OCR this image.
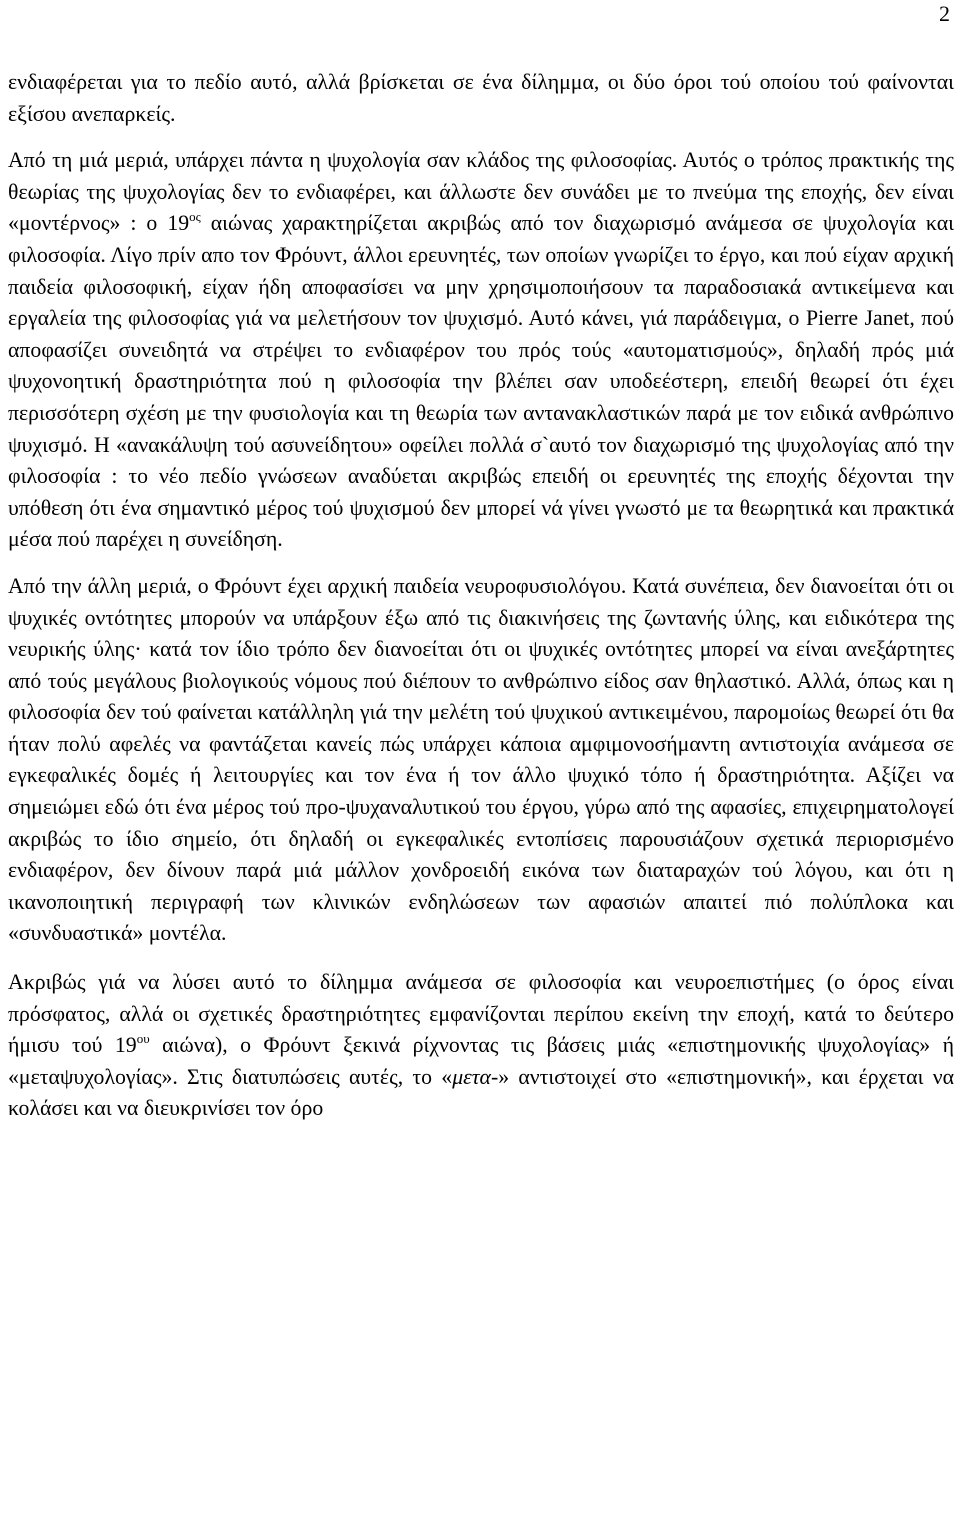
2

ενδιαφέρεται για το πεδίο αυτό, αλλά βρίσκεται σε ένα δίλημμα, οι δύο όροι τού οποίου τού φαίνονται εξίσου ανεπαρκείς.

Από τη μιά μεριά, υπάρχει πάντα η ψυχολογία σαν κλάδος της φιλοσοφίας. Αυτός ο τρόπος πρακτικής της θεωρίας της ψυχολογίας δεν το ενδιαφέρει, και άλλωστε δεν συνάδει με το πνεύμα της εποχής, δεν είναι «μοντέρνος» : ο $19^{o\varsigma}$ αιώνας χαρακτηρίζεται ακριβώς από τον διαχωρισμό ανάμεσα σε ψυχολογία και φιλοσοφία. Λίγο πρίν απο τον Φρόυντ, άλλοι ερευνητές, των οποίων γνωρίζει το έργο, και πού είχαν αρχική παιδεία φιλοσοφική, είχαν ήδη αποφασίσει να μην χρησιμοποιήσουν τα παραδοσιακά αντικείμενα και εργαλεία της φιλοσοφίας γιά να μελετήσουν τον ψυχισμό. Αυτό κάνει, γιά παράδειγμα, ο Pierre Janet, πού αποφασίζει συνειδητά να στρέψει το ενδιαφέρον του πρός τούς «αυτοματισμούς», δηλαδή πρός μιά ψυχονοητική δραστηριότητα πού η φιλοσοφία την βλέπει σαν υποδεέστερη, επειδή θεωρεί ότι έχει περισσότερη σχέση με την φυσιολογία και τη θεωρία των αντανακλαστικών παρά με τον ειδικά ανθρώπινο ψυχισμό. Η «ανακάλυψη τού ασυνείδητου» οφείλει πολλά σ`αυτό τον διαχωρισμό της ψυχολογίας από την φιλοσοφία : το νέο πεδίο γνώσεων αναδύεται ακριβώς επειδή οι ερευνητές της εποχής δέχονται την υπόθεση ότι ένα σημαντικό μέρος τού ψυχισμού δεν μπορεί νά γίνει γνωστό με τα θεωρητικά και πρακτικά μέσα πού παρέχει η συνείδηση.

Από την άλλη μεριά, ο Φρόυντ έχει αρχική παιδεία νευροφυσιολόγου. Κατά συνέπεια, δεν διανοείται ότι οι ψυχικές οντότητες μπορούν να υπάρξουν έξω από τις διακινήσεις της ζωντανής ύλης, και ειδικότερα της νευρικής ύλης· κατά τον ίδιο τρόπο δεν διανοείται ότι οι ψυχικές οντότητες μπορεί να είναι ανεξάρτητες από τούς μεγάλους βιολογικούς νόμους πού διέπουν το ανθρώπινο είδος σαν θηλαστικό. Αλλά, όπως και η φιλοσοφία δεν τού φαίνεται κατάλληλη γιά την μελέτη τού ψυχικού αντικειμένου, παρομοίως θεωρεί ότι θα ήταν πολύ αφελές να φαντάζεται κανείς πώς υπάρχει κάποια αμφιμονοσήμαντη αντιστοιχία ανάμεσα σε εγκεφαλικές δομές ή λειτουργίες και τον ένα ή τον άλλο ψυχικό τόπο ή δραστηριότητα. Αξίζει να σημειώμει εδώ ότι ένα μέρος τού προ-ψυχαναλυτικού του έργου, γύρω από της αφασίες, επιχειρηματολογεί ακριβώς το ίδιο σημείο, ότι δηλαδή οι εγκεφαλικές εντοπίσεις παρουσιάζουν σχετικά περιορισμένο ενδιαφέρον, δεν δίνουν παρά μιά μάλλον χονδροειδή εικόνα των διαταραχών τού λόγου, και ότι η ικανοποιητική περιγραφή των κλινικών ενδηλώσεων των αφασιών απαιτεί πιό πολύπλοκα και «συνδυαστικά» μοντέλα.

Ακριβώς γιά να λύσει αυτό το δίλημμα ανάμεσα σε φιλοσοφία και νευροεπιστήμες (ο όρος είναι πρόσφατος, αλλά οι σχετικές δραστηριότητες εμφανίζονται περίπου εκείνη την εποχή, κατά το δεύτερο ήμισυ τού $19^{o\upsilon}$ αιώνα), ο Φρόυντ ξεκινά ρίχνοντας τις βάσεις μιάς «επιστημονικής ψυχολογίας» ή «μεταψυχολογίας». Στις διατυπώσεις αυτές, το «μετα-» αντιστοιχεί στο «επιστημονική», και έρχεται να κολάσει και να διευκρινίσει τον όρο
